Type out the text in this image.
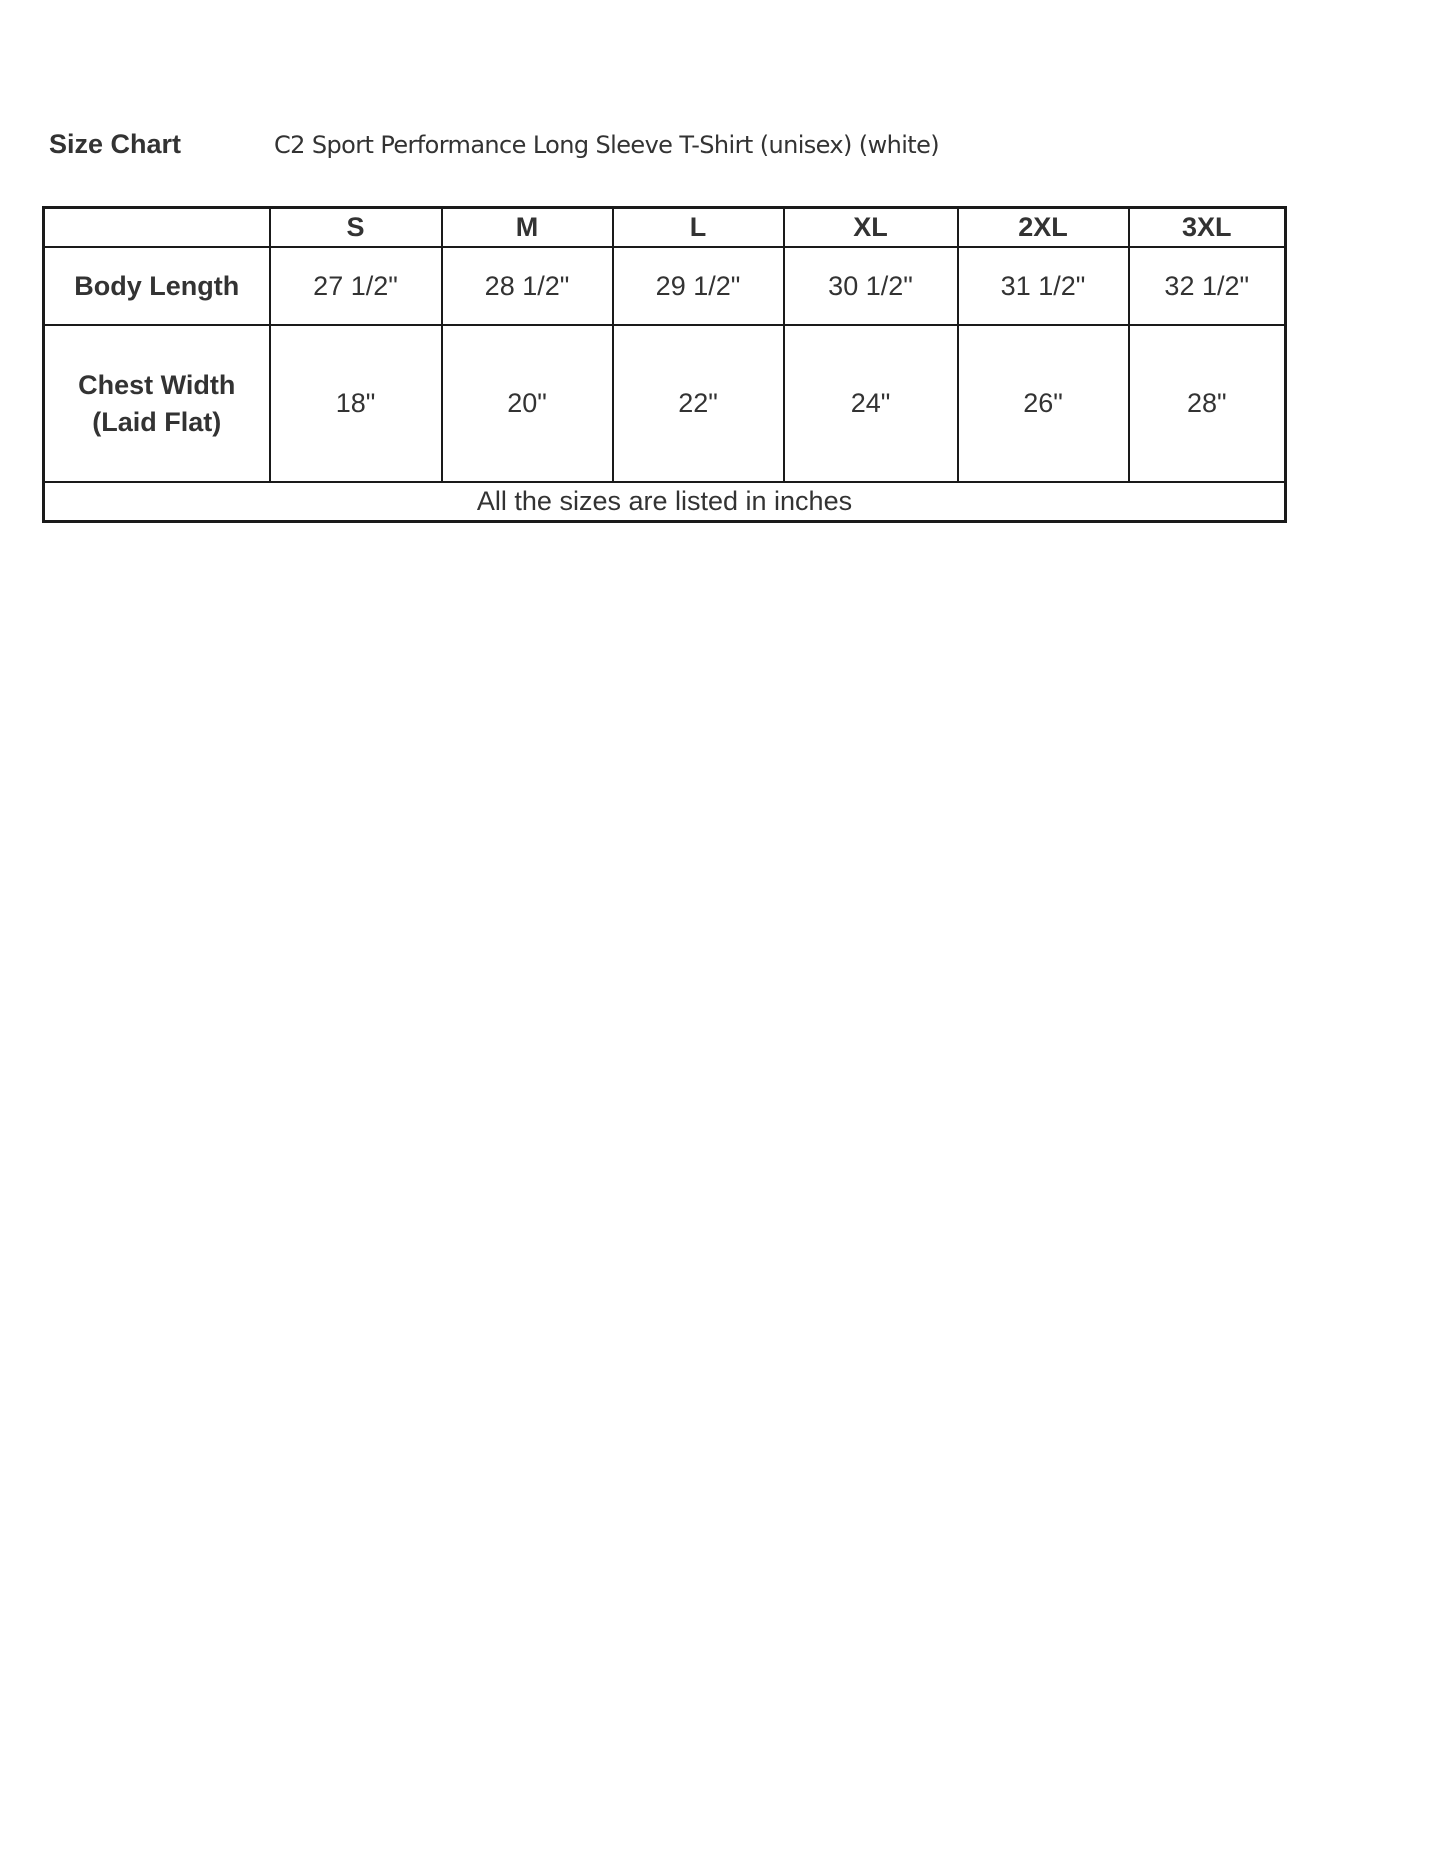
Size Chart	C2 Sport Performance Long Sleeve T-Shirt (unisex) (white)
	S	M	L	XL	2XL	3XL

Body Length	27 1/2"	28 1/2"	29 1/2"	30 1/2"	31 1/2"	32 1/2"

Chest Width
(Laid Flat)	18"	20"	22"	24"	26"	28"
All the sizes are listed in inches						
